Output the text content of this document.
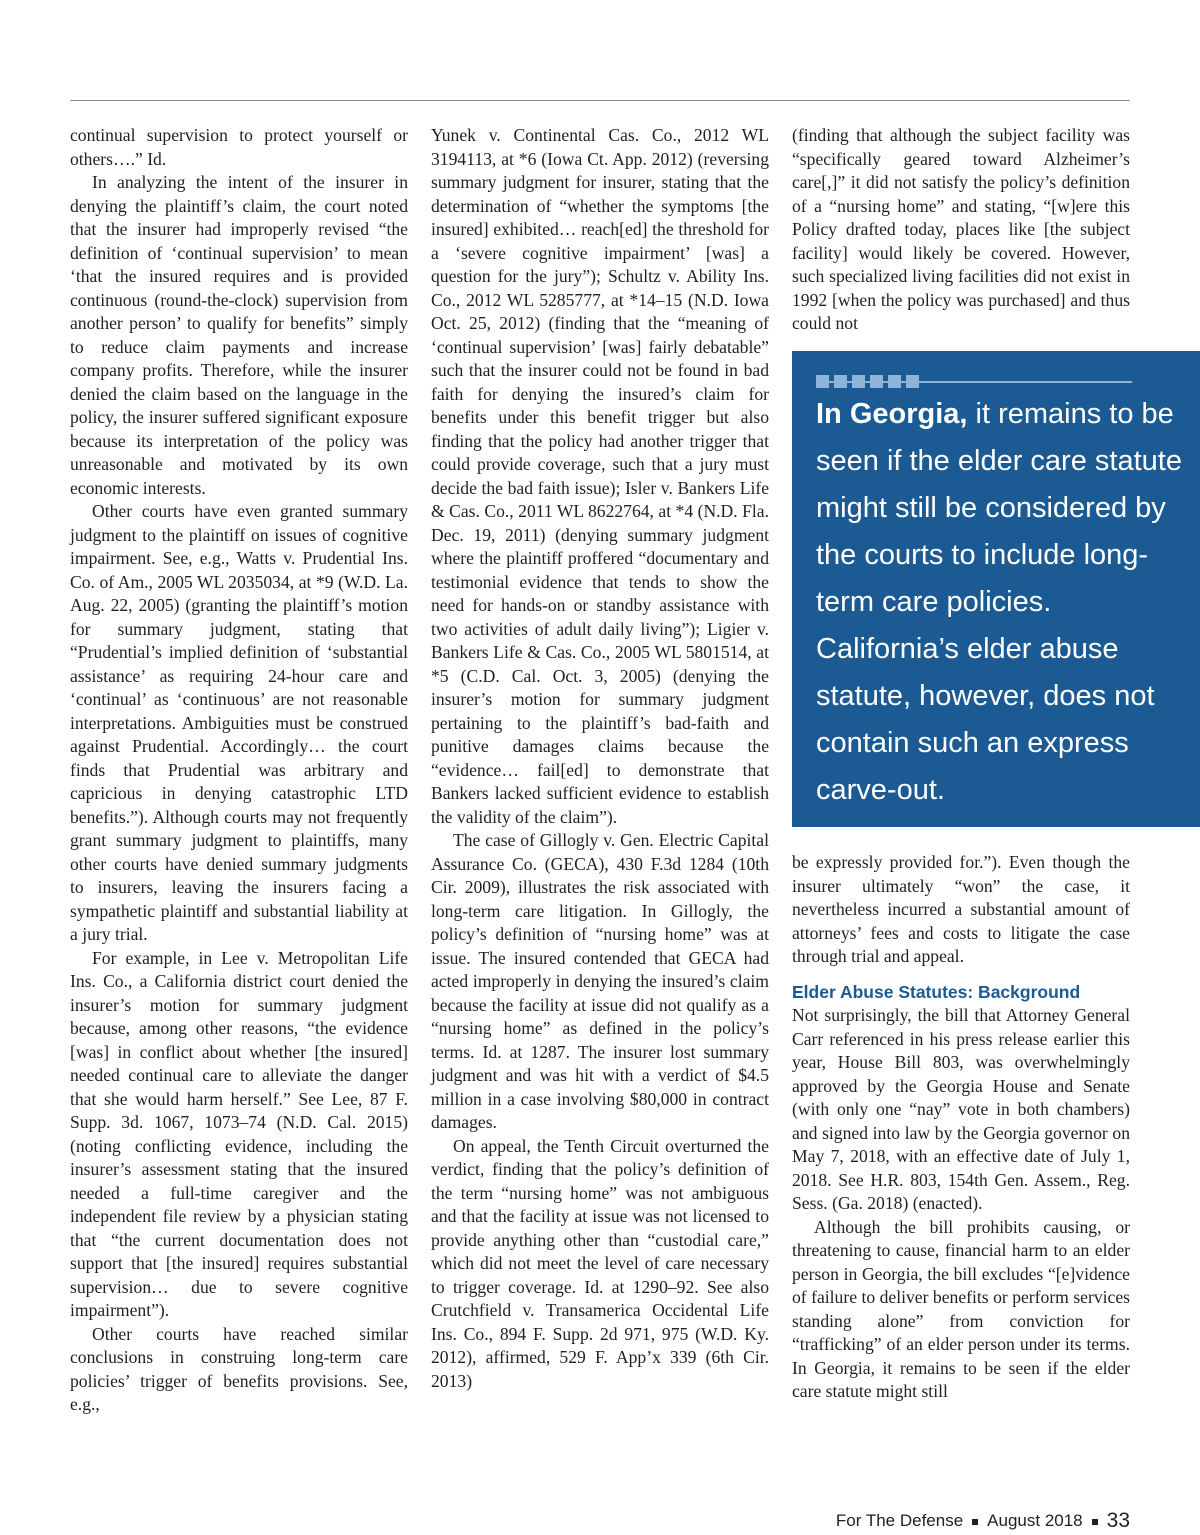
continual supervision to protect yourself or others….” Id.

In analyzing the intent of the insurer in denying the plaintiff’s claim, the court noted that the insurer had improperly revised “the definition of ‘continual supervision’ to mean ‘that the insured requires and is provided continuous (round-the-clock) supervision from another person’ to qualify for benefits” simply to reduce claim payments and increase company profits. Therefore, while the insurer denied the claim based on the language in the policy, the insurer suffered significant exposure because its interpretation of the policy was unreasonable and motivated by its own economic interests.

Other courts have even granted summary judgment to the plaintiff on issues of cognitive impairment. See, e.g., Watts v. Prudential Ins. Co. of Am., 2005 WL 2035034, at *9 (W.D. La. Aug. 22, 2005) (granting the plaintiff’s motion for summary judgment, stating that “Prudential’s implied definition of ‘substantial assistance’ as requiring 24-hour care and ‘continual’ as ‘continuous’ are not reasonable interpretations. Ambiguities must be construed against Prudential. Accordingly… the court finds that Prudential was arbitrary and capricious in denying catastrophic LTD benefits.”). Although courts may not frequently grant summary judgment to plaintiffs, many other courts have denied summary judgments to insurers, leaving the insurers facing a sympathetic plaintiff and substantial liability at a jury trial.

For example, in Lee v. Metropolitan Life Ins. Co., a California district court denied the insurer’s motion for summary judgment because, among other reasons, “the evidence [was] in conflict about whether [the insured] needed continual care to alleviate the danger that she would harm herself.” See Lee, 87 F. Supp. 3d. 1067, 1073–74 (N.D. Cal. 2015) (noting conflicting evidence, including the insurer’s assessment stating that the insured needed a full-time caregiver and the independent file review by a physician stating that “the current documentation does not support that [the insured] requires substantial supervision… due to severe cognitive impairment”).

Other courts have reached similar conclusions in construing long-term care policies’ trigger of benefits provisions. See, e.g.,

Yunek v. Continental Cas. Co., 2012 WL 3194113, at *6 (Iowa Ct. App. 2012) (reversing summary judgment for insurer, stating that the determination of “whether the symptoms [the insured] exhibited… reach[ed] the threshold for a ‘severe cognitive impairment’ [was] a question for the jury”); Schultz v. Ability Ins. Co., 2012 WL 5285777, at *14–15 (N.D. Iowa Oct. 25, 2012) (finding that the “meaning of ‘continual supervision’ [was] fairly debatable” such that the insurer could not be found in bad faith for denying the insured’s claim for benefits under this benefit trigger but also finding that the policy had another trigger that could provide coverage, such that a jury must decide the bad faith issue); Isler v. Bankers Life & Cas. Co., 2011 WL 8622764, at *4 (N.D. Fla. Dec. 19, 2011) (denying summary judgment where the plaintiff proffered “documentary and testimonial evidence that tends to show the need for hands-on or standby assistance with two activities of adult daily living”); Ligier v. Bankers Life & Cas. Co., 2005 WL 5801514, at *5 (C.D. Cal. Oct. 3, 2005) (denying the insurer’s motion for summary judgment pertaining to the plaintiff’s bad-faith and punitive damages claims because the “evidence… fail[ed] to demonstrate that Bankers lacked sufficient evidence to establish the validity of the claim”).

The case of Gillogly v. Gen. Electric Capital Assurance Co. (GECA), 430 F.3d 1284 (10th Cir. 2009), illustrates the risk associated with long-term care litigation. In Gillogly, the policy’s definition of “nursing home” was at issue. The insured contended that GECA had acted improperly in denying the insured’s claim because the facility at issue did not qualify as a “nursing home” as defined in the policy’s terms. Id. at 1287. The insurer lost summary judgment and was hit with a verdict of $4.5 million in a case involving $80,000 in contract damages.

On appeal, the Tenth Circuit overturned the verdict, finding that the policy’s definition of the term “nursing home” was not ambiguous and that the facility at issue was not licensed to provide anything other than “custodial care,” which did not meet the level of care necessary to trigger coverage. Id. at 1290–92. See also Crutchfield v. Transamerica Occidental Life Ins. Co., 894 F. Supp. 2d 971, 975 (W.D. Ky. 2012), affirmed, 529 F. App’x 339 (6th Cir. 2013)

(finding that although the subject facility was “specifically geared toward Alzheimer’s care[,]” it did not satisfy the policy’s definition of a “nursing home” and stating, “[w]ere this Policy drafted today, places like [the subject facility] would likely be covered. However, such specialized living facilities did not exist in 1992 [when the policy was purchased] and thus could not

In Georgia, it remains to be seen if the elder care statute might still be considered by the courts to include long-term care policies. California’s elder abuse statute, however, does not contain such an express carve-out.

be expressly provided for.”). Even though the insurer ultimately “won” the case, it nevertheless incurred a substantial amount of attorneys’ fees and costs to litigate the case through trial and appeal.

Elder Abuse Statutes: Background

Not surprisingly, the bill that Attorney General Carr referenced in his press release earlier this year, House Bill 803, was overwhelmingly approved by the Georgia House and Senate (with only one “nay” vote in both chambers) and signed into law by the Georgia governor on May 7, 2018, with an effective date of July 1, 2018. See H.R. 803, 154th Gen. Assem., Reg. Sess. (Ga. 2018) (enacted).

Although the bill prohibits causing, or threatening to cause, financial harm to an elder person in Georgia, the bill excludes “[e]vidence of failure to deliver benefits or perform services standing alone” from conviction for “trafficking” of an elder person under its terms. In Georgia, it remains to be seen if the elder care statute might still

For The Defense August 2018 33
